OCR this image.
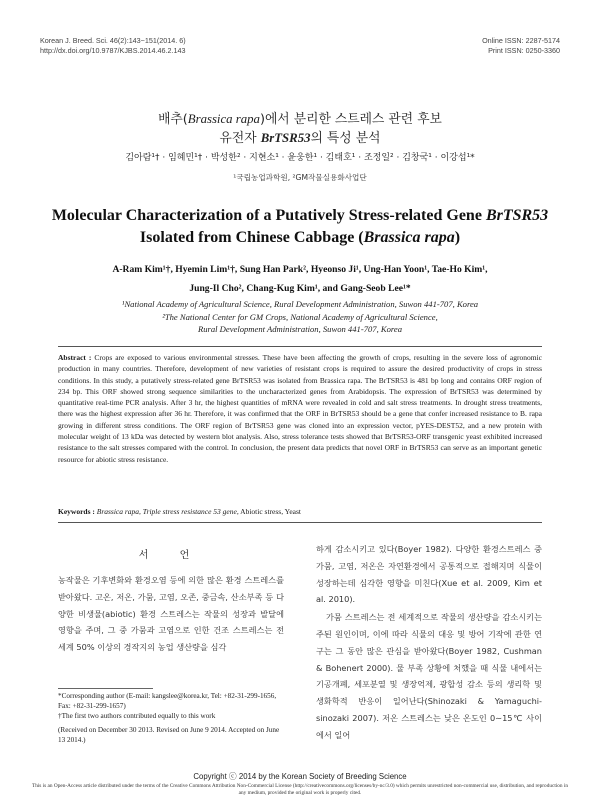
Korean J. Breed. Sci. 46(2):143~151(2014. 6)
http://dx.doi.org/10.9787/KJBS.2014.46.2.143
Online ISSN: 2287-5174
Print ISSN: 0250-3360
배추(Brassica rapa)에서 분리한 스트레스 관련 후보
유전자 BrTSR53의 특성 분석
김아람¹† · 임혜민¹† · 박성한² · 지현소¹ · 윤웅한¹ · 김태호¹ · 조정일² · 김창국¹ · 이강섭¹*
¹국립농업과학원, ²GM작물실용화사업단
Molecular Characterization of a Putatively Stress-related Gene BrTSR53
Isolated from Chinese Cabbage (Brassica rapa)
A-Ram Kim¹†, Hyemin Lim¹†, Sung Han Park², Hyeonso Ji¹, Ung-Han Yoon¹, Tae-Ho Kim¹,
Jung-Il Cho², Chang-Kug Kim¹, and Gang-Seob Lee¹*
¹National Academy of Agricultural Science, Rural Development Administration, Suwon 441-707, Korea
²The National Center for GM Crops, National Academy of Agricultural Science,
Rural Development Administration, Suwon 441-707, Korea
Abstract : Crops are exposed to various environmental stresses. These have been affecting the growth of crops, resulting in the severe loss of agronomic production in many countries. Therefore, development of new varieties of resistant crops is required to assure the desired productivity of crops in stress conditions. In this study, a putatively stress-related gene BrTSR53 was isolated from Brassica rapa. The BrTSR53 is 481 bp long and contains ORF region of 234 bp. This ORF showed strong sequence similarities to the uncharacterized genes from Arabidopsis. The expression of BrTSR53 was determined by quantitative real-time PCR analysis. After 3 hr, the highest quantities of mRNA were revealed in cold and salt stress treatments. In drought stress treatments, there was the highest expression after 36 hr. Therefore, it was confirmed that the ORF in BrTSR53 should be a gene that confer increased resistance to B. rapa growing in different stress conditions. The ORF region of BrTSR53 gene was cloned into an expression vector, pYES-DEST52, and a new protein with molecular weight of 13 kDa was detected by western blot analysis. Also, stress tolerance tests showed that BrTSR53-ORF transgenic yeast exhibited increased resistance to the salt stresses compared with the control. In conclusion, the present data predicts that novel ORF in BrTSR53 can serve as an important genetic resource for abiotic stress resistance.
Keywords : Brassica rapa, Triple stress resistance 53 gene, Abiotic stress, Yeast
서 언
농작물은 기후변화와 환경오염 등에 의한 많은 환경 스트레스를 받아왔다. 고온, 저온, 가뭄, 고염, 오존, 중금속, 산소부족 등 다양한 비생물(abiotic) 환경 스트레스는 작물의 성장과 발달에 영향을 주며, 그 중 가뭄과 고염으로 인한 건조 스트레스는 전 세계 50% 이상의 경작지의 농업 생산량을 심각
하게 감소시키고 있다(Boyer 1982). 다양한 환경스트레스 중 가뭄, 고염, 저온은 자연환경에서 공통적으로 접해지며 식물이 성장하는데 심각한 영향을 미친다(Xue et al. 2009, Kim et al. 2010).
가뭄 스트레스는 전 세계적으로 작물의 생산량을 감소시키는 주된 원인이며, 이에 따라 식물의 대응 및 방어 기작에 관한 연구는 그 동안 많은 관심을 받아왔다(Boyer 1982, Cushman & Bohenert 2000). 물 부족 상황에 처했을 때 식물 내에서는 기공개폐, 세포분열 및 생장억제, 광합성 감소 등의 생리학 및 생화학적 반응이 일어난다(Shinozaki & Yamaguchi-sinozaki 2007). 저온 스트레스는 낮은 온도인 0∼15℃ 사이에서 일어
*Corresponding author (E-mail: kangslee@korea.kr, Tel: +82-31-299-1656, Fax: +82-31-299-1657)
†The first two authors contributed equally to this work
(Received on December 30 2013. Revised on June 9 2014. Accepted on June 13 2014.)
Copyright ⓒ 2014 by the Korean Society of Breeding Science
This is an Open-Access article distributed under the terms of the Creative Commons Attribution Non-Commercial License (http://creativecommons.org/licenses/by-nc/3.0) which permits unrestricted non-commercial use, distribution, and reproduction in any medium, provided the original work is properly cited.
